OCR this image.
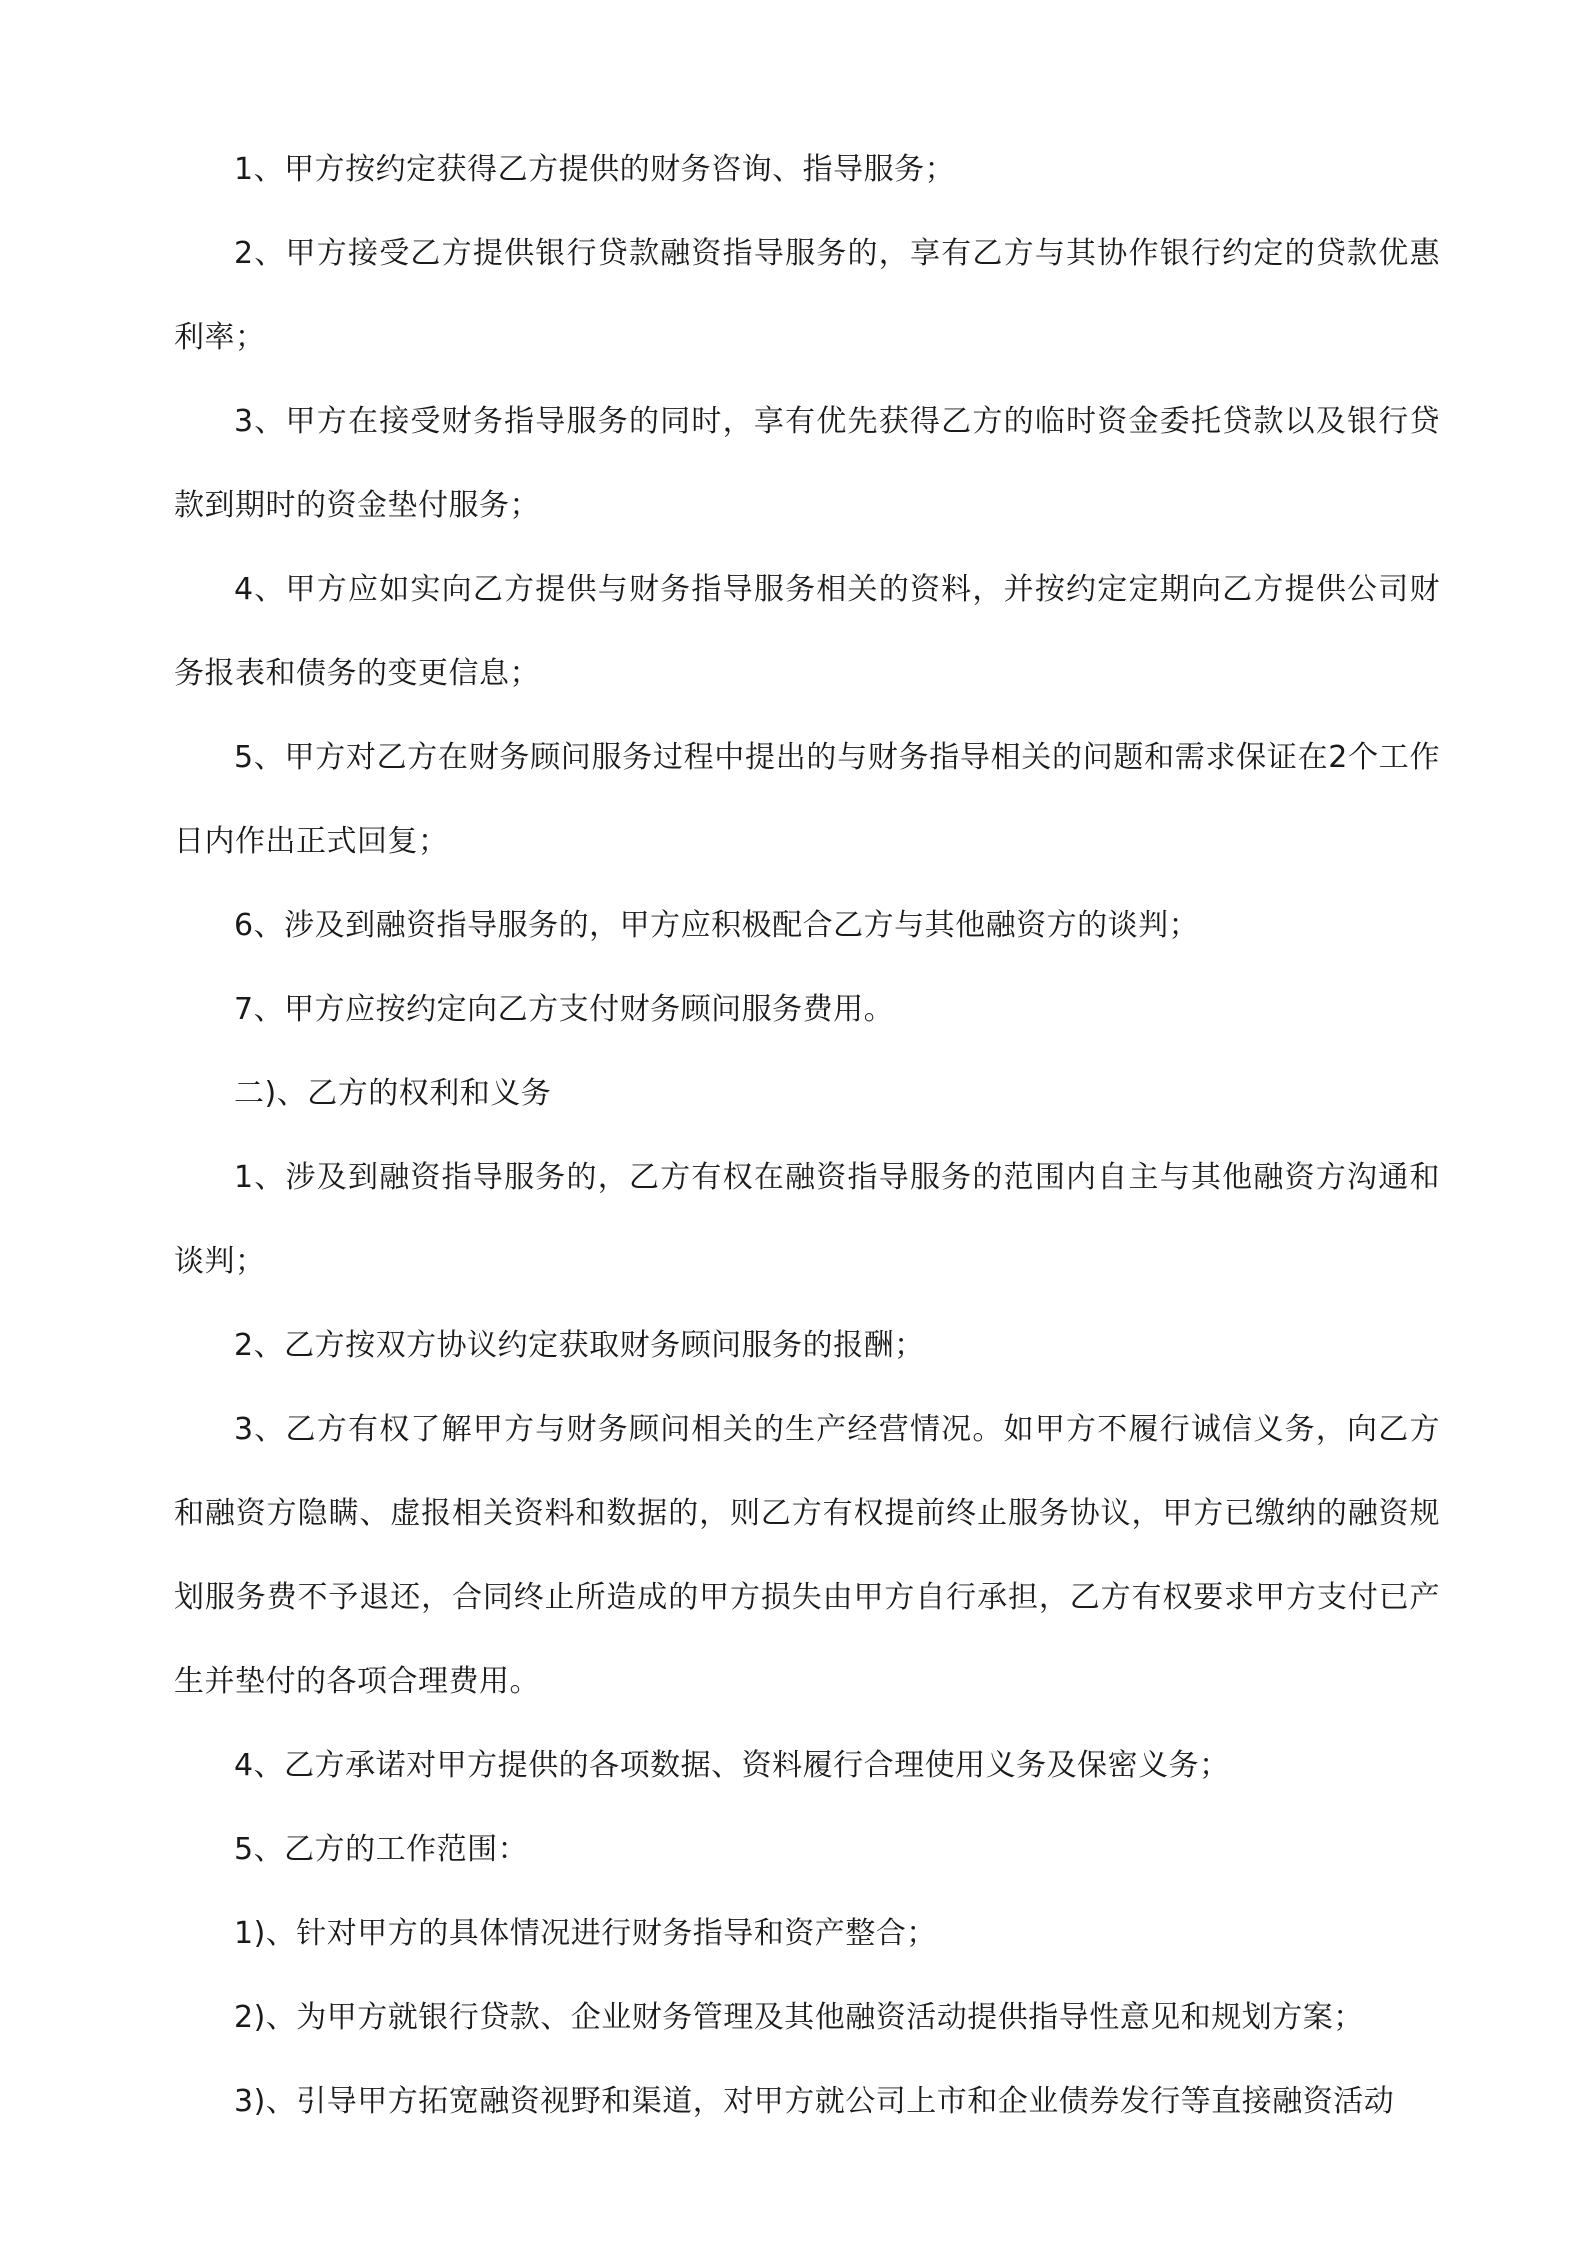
1、甲方按约定获得乙方提供的财务咨询、指导服务；

2、甲方接受乙方提供银行贷款融资指导服务的，享有乙方与其协作银行约定的贷款优惠利率；

3、甲方在接受财务指导服务的同时，享有优先获得乙方的临时资金委托贷款以及银行贷款到期时的资金垫付服务；

4、甲方应如实向乙方提供与财务指导服务相关的资料，并按约定定期向乙方提供公司财务报表和债务的变更信息；

5、甲方对乙方在财务顾问服务过程中提出的与财务指导相关的问题和需求保证在2个工作日内作出正式回复；

6、涉及到融资指导服务的，甲方应积极配合乙方与其他融资方的谈判；

7、甲方应按约定向乙方支付财务顾问服务费用。

二)、乙方的权利和义务

1、涉及到融资指导服务的，乙方有权在融资指导服务的范围内自主与其他融资方沟通和谈判；

2、乙方按双方协议约定获取财务顾问服务的报酬；

3、乙方有权了解甲方与财务顾问相关的生产经营情况。如甲方不履行诚信义务，向乙方和融资方隐瞒、虚报相关资料和数据的，则乙方有权提前终止服务协议，甲方已缴纳的融资规划服务费不予退还，合同终止所造成的甲方损失由甲方自行承担，乙方有权要求甲方支付已产生并垫付的各项合理费用。

4、乙方承诺对甲方提供的各项数据、资料履行合理使用义务及保密义务；

5、乙方的工作范围：

1)、针对甲方的具体情况进行财务指导和资产整合；

2)、为甲方就银行贷款、企业财务管理及其他融资活动提供指导性意见和规划方案；

3)、引导甲方拓宽融资视野和渠道，对甲方就公司上市和企业债券发行等直接融资活动
